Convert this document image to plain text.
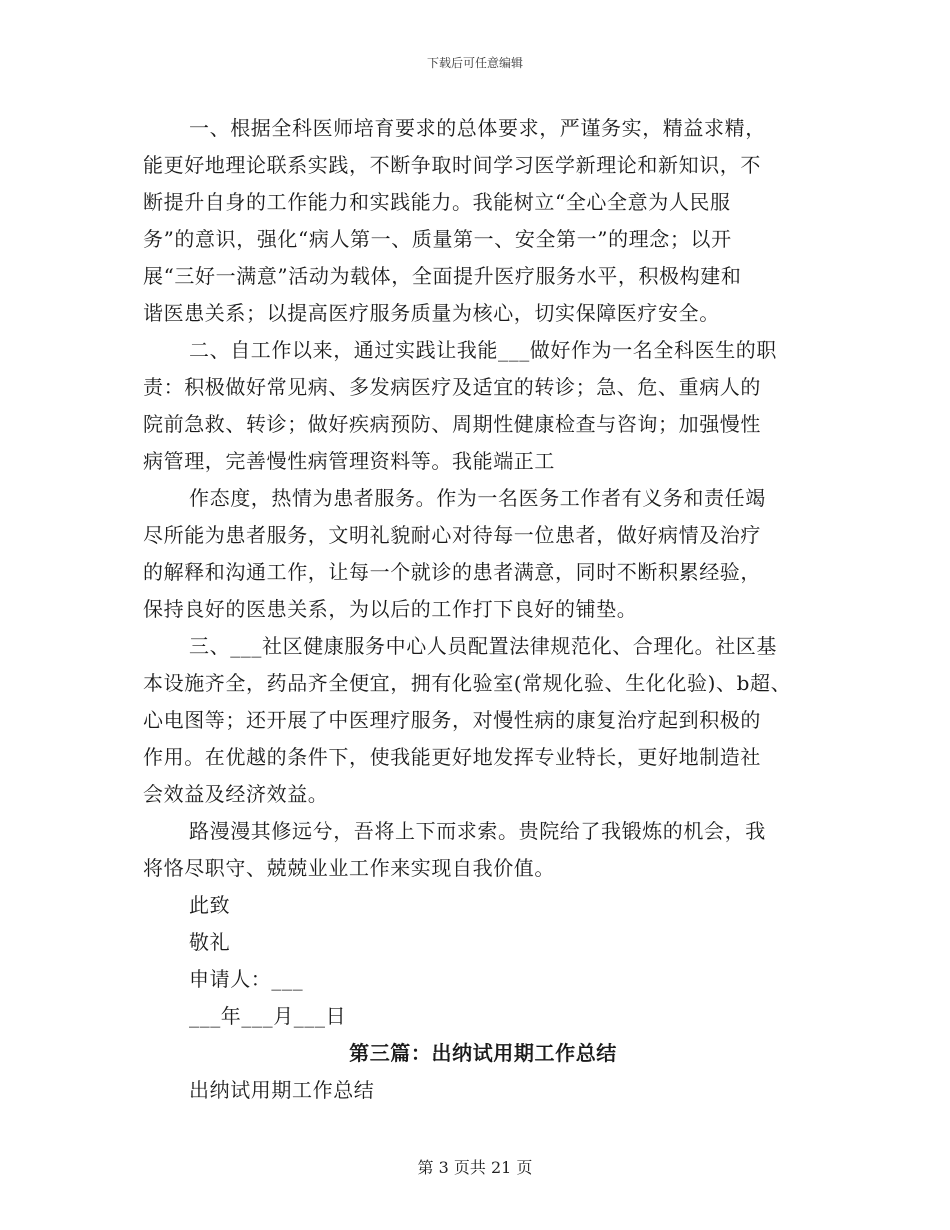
下载后可任意编辑
一、根据全科医师培育要求的总体要求，严谨务实，精益求精，
能更好地理论联系实践，不断争取时间学习医学新理论和新知识，不
断提升自身的工作能力和实践能力。我能树立“全心全意为人民服
务”的意识，强化“病人第一、质量第一、安全第一”的理念；以开
展“三好一满意”活动为载体，全面提升医疗服务水平，积极构建和
谐医患关系；以提高医疗服务质量为核心，切实保障医疗安全。
二、自工作以来，通过实践让我能___做好作为一名全科医生的职
责：积极做好常见病、多发病医疗及适宜的转诊；急、危、重病人的
院前急救、转诊；做好疾病预防、周期性健康检查与咨询；加强慢性
病管理，完善慢性病管理资料等。我能端正工
作态度，热情为患者服务。作为一名医务工作者有义务和责任竭
尽所能为患者服务，文明礼貌耐心对待每一位患者，做好病情及治疗
的解释和沟通工作，让每一个就诊的患者满意，同时不断积累经验，
保持良好的医患关系，为以后的工作打下良好的铺垫。
三、___社区健康服务中心人员配置法律规范化、合理化。社区基
本设施齐全，药品齐全便宜，拥有化验室(常规化验、生化化验)、b超、
心电图等；还开展了中医理疗服务，对慢性病的康复治疗起到积极的
作用。在优越的条件下，使我能更好地发挥专业特长，更好地制造社
会效益及经济效益。
路漫漫其修远兮，吾将上下而求索。贵院给了我锻炼的机会，我
将恪尽职守、兢兢业业工作来实现自我价值。
此致
敬礼
申请人：___
___年___月___日
第三篇：出纳试用期工作总结
出纳试用期工作总结
第 3 页共 21 页
